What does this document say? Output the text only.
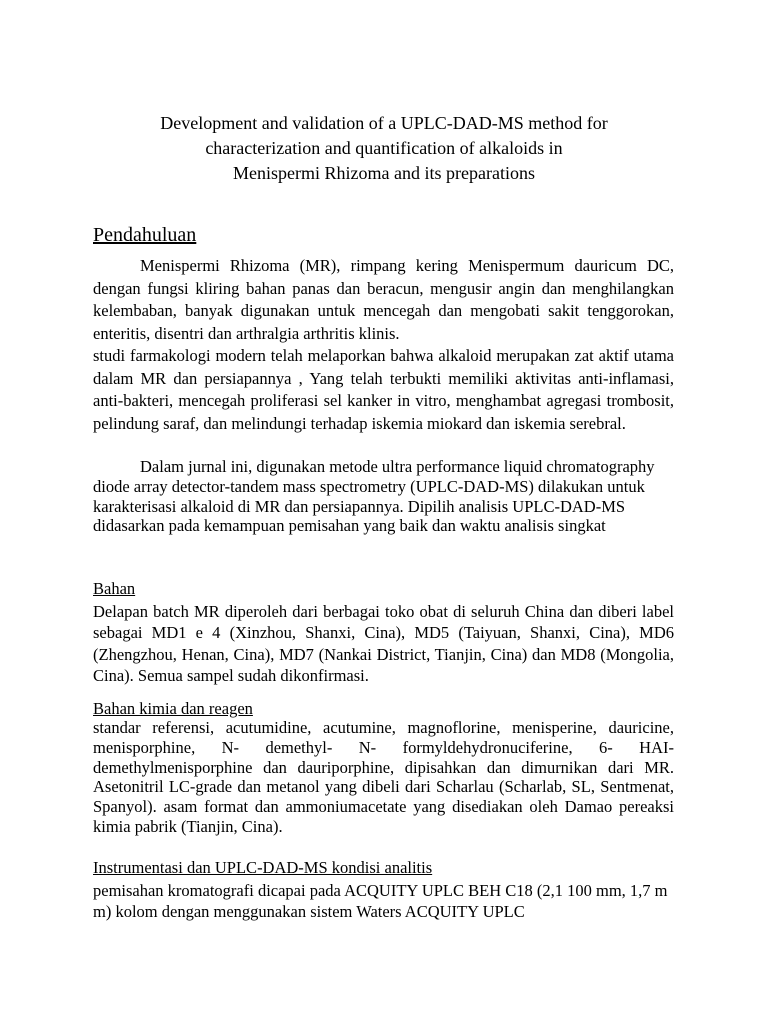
Development and validation of a UPLC-DAD-MS method for
characterization and quantification of alkaloids in
Menispermi Rhizoma and its preparations
Pendahuluan

Menispermi Rhizoma (MR), rimpang kering Menispermum dauricum DC, dengan fungsi kliring bahan panas dan beracun, mengusir angin dan menghilangkan kelembaban, banyak digunakan untuk mencegah dan mengobati sakit tenggorokan, enteritis, disentri dan arthralgia arthritis klinis.

studi farmakologi modern telah melaporkan bahwa alkaloid merupakan zat aktif utama dalam MR dan persiapannya , Yang telah terbukti memiliki aktivitas anti-inflamasi, anti-bakteri, mencegah proliferasi sel kanker in vitro, menghambat agregasi trombosit, pelindung saraf, dan melindungi terhadap iskemia miokard dan iskemia serebral.

Dalam jurnal ini, digunakan metode ultra performance liquid chromatography diode array detector-tandem mass spectrometry (UPLC-DAD-MS) dilakukan untuk karakterisasi alkaloid di MR dan persiapannya. Dipilih analisis UPLC-DAD-MS didasarkan pada kemampuan pemisahan yang baik dan waktu analisis singkat

Bahan

Delapan batch MR diperoleh dari berbagai toko obat di seluruh China dan diberi label sebagai MD1 e 4 (Xinzhou, Shanxi, Cina), MD5 (Taiyuan, Shanxi, Cina), MD6 (Zhengzhou, Henan, Cina), MD7 (Nankai District, Tianjin, Cina) dan MD8 (Mongolia, Cina). Semua sampel sudah dikonfirmasi.

Bahan kimia dan reagen

standar referensi, acutumidine, acutumine, magnoflorine, menisperine, dauricine, menisporphine, N- demethyl- N- formyldehydronuciferine, 6- HAI-demethylmenisporphine dan dauriporphine, dipisahkan dan dimurnikan dari MR. Asetonitril LC-grade dan metanol yang dibeli dari Scharlau (Scharlab, SL, Sentmenat, Spanyol). asam format dan ammoniumacetate yang disediakan oleh Damao pereaksi kimia pabrik (Tianjin, Cina).

Instrumentasi dan UPLC-DAD-MS kondisi analitis

pemisahan kromatografi dicapai pada ACQUITY UPLC BEH C18 (2,1 100 mm, 1,7 m m) kolom dengan menggunakan sistem Waters ACQUITY UPLC
